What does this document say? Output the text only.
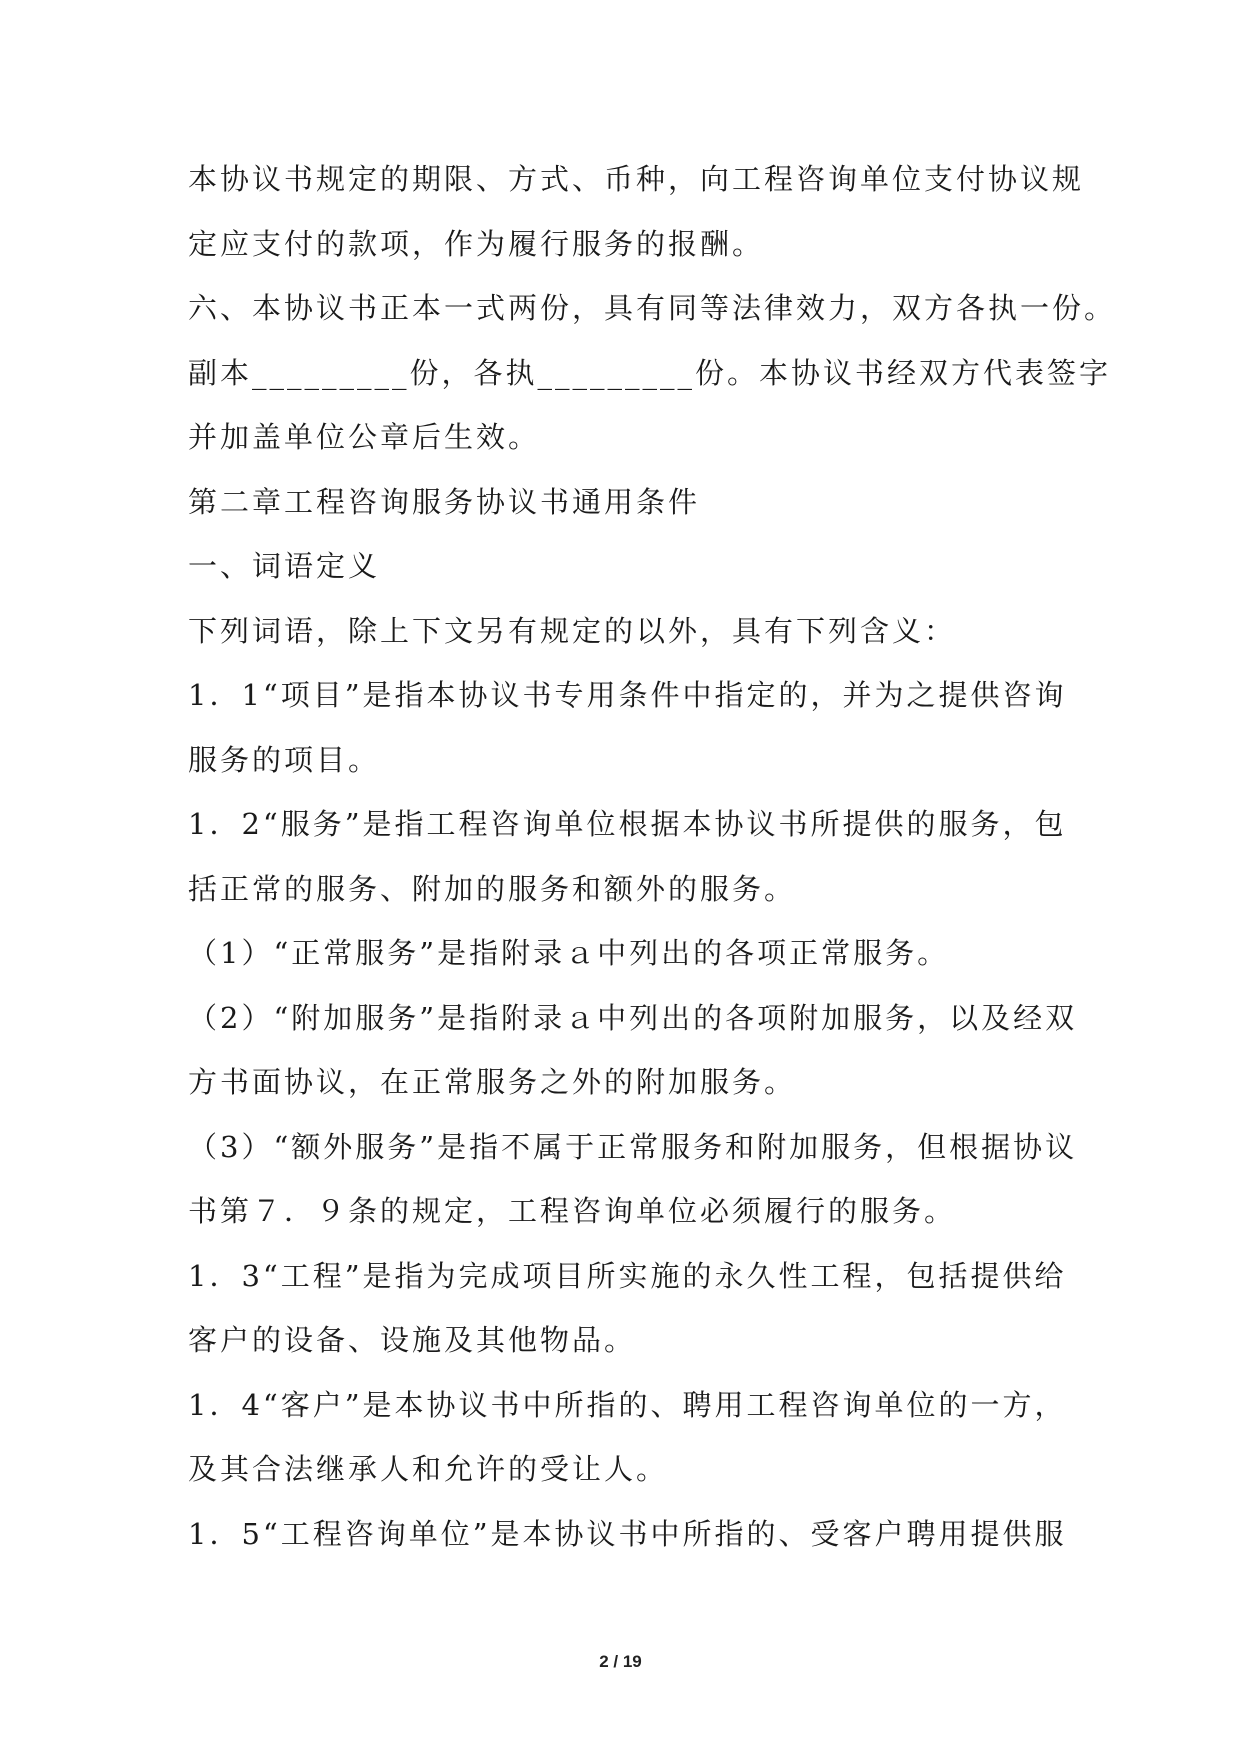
本协议书规定的期限、方式、币种，向工程咨询单位支付协议规
定应支付的款项，作为履行服务的报酬。
六、本协议书正本一式两份，具有同等法律效力，双方各执一份。
副本_________份，各执_________份。本协议书经双方代表签字
并加盖单位公章后生效。
第二章工程咨询服务协议书通用条件
一、词语定义
下列词语，除上下文另有规定的以外，具有下列含义：
1．1“项目”是指本协议书专用条件中指定的，并为之提供咨询
服务的项目。
1．2“服务”是指工程咨询单位根据本协议书所提供的服务，包
括正常的服务、附加的服务和额外的服务。
（1）“正常服务”是指附录ａ中列出的各项正常服务。
（2）“附加服务”是指附录ａ中列出的各项附加服务，以及经双
方书面协议，在正常服务之外的附加服务。
（3）“额外服务”是指不属于正常服务和附加服务，但根据协议
书第７．９条的规定，工程咨询单位必须履行的服务。
1．3“工程”是指为完成项目所实施的永久性工程，包括提供给
客户的设备、设施及其他物品。
1．4“客户”是本协议书中所指的、聘用工程咨询单位的一方，
及其合法继承人和允许的受让人。
1．5“工程咨询单位”是本协议书中所指的、受客户聘用提供服
2 / 19
